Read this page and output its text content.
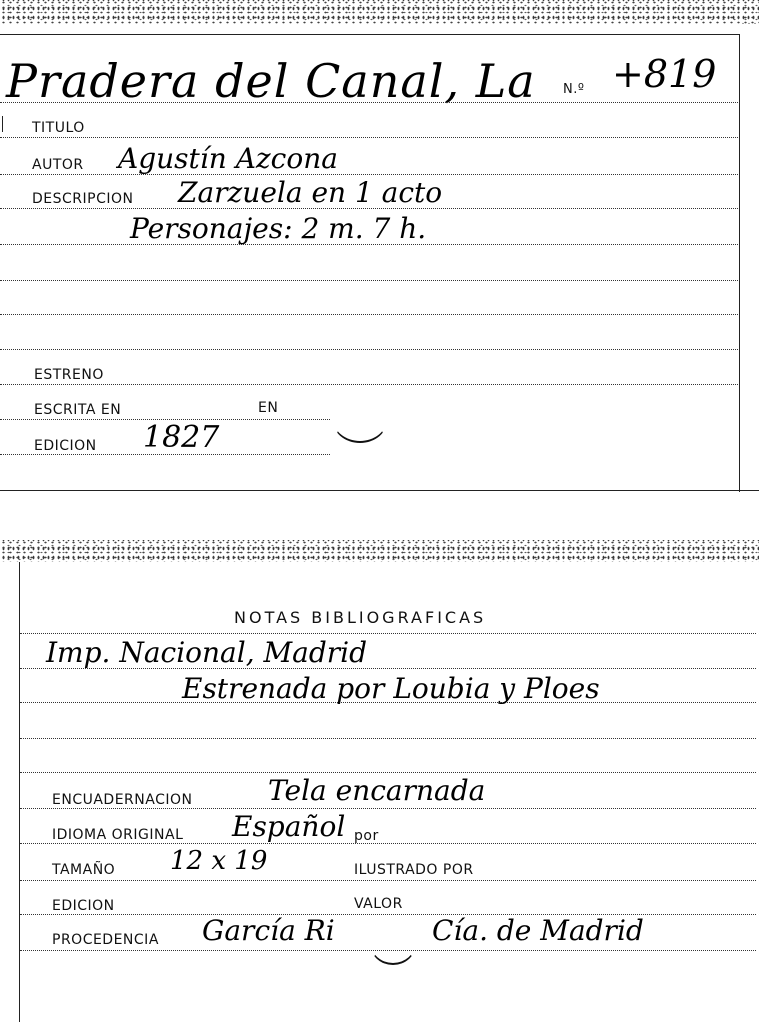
Pradera del Canal, La N.º +819
TITULO
AUTOR Agustín Azcona
DESCRIPCION Zarzuela en 1 acto
Personajes: 2 m. 7 h.
ESTRENO
ESCRITA EN	EN
EDICION 1827
NOTAS BIBLIOGRAFICAS
Imp. Nacional, Madrid
Estrenada por Loubia y Ploes
ENCUADERNACION	Tela encarnada
IDIOMA ORIGINAL Español por
TAMAÑO 12 x 19	ILUSTRADO POR
EDICION	VALOR
PROCEDENCIA García Ri	Cía. de Madrid
